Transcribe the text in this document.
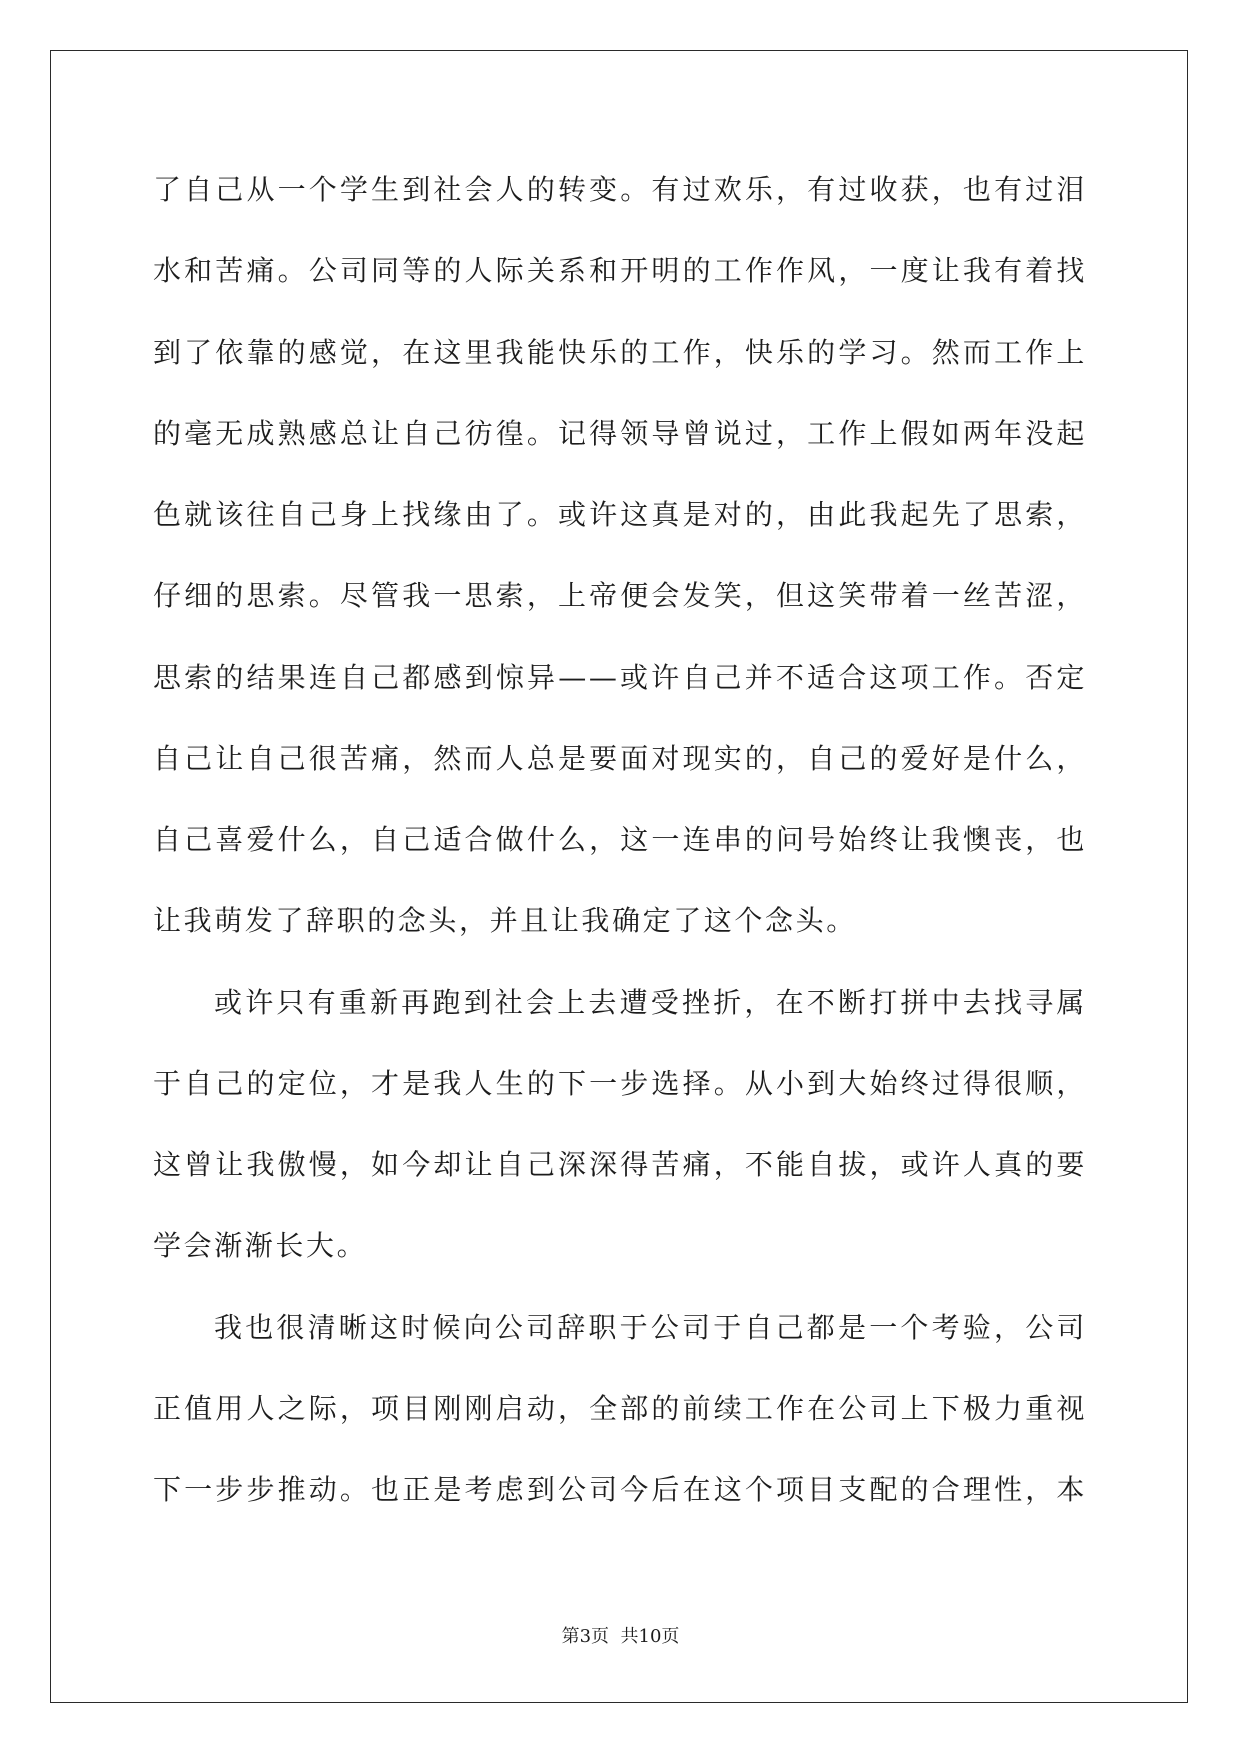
了自己从一个学生到社会人的转变。有过欢乐，有过收获，也有过泪
水和苦痛。公司同等的人际关系和开明的工作作风，一度让我有着找
到了依靠的感觉，在这里我能快乐的工作，快乐的学习。然而工作上
的毫无成熟感总让自己彷徨。记得领导曾说过，工作上假如两年没起
色就该往自己身上找缘由了。或许这真是对的，由此我起先了思索，
仔细的思索。尽管我一思索，上帝便会发笑，但这笑带着一丝苦涩，
思索的结果连自己都感到惊异——或许自己并不适合这项工作。否定
自己让自己很苦痛，然而人总是要面对现实的，自己的爱好是什么，
自己喜爱什么，自己适合做什么，这一连串的问号始终让我懊丧，也
让我萌发了辞职的念头，并且让我确定了这个念头。
或许只有重新再跑到社会上去遭受挫折，在不断打拼中去找寻属
于自己的定位，才是我人生的下一步选择。从小到大始终过得很顺，
这曾让我傲慢，如今却让自己深深得苦痛，不能自拔，或许人真的要
学会渐渐长大。
我也很清晰这时候向公司辞职于公司于自己都是一个考验，公司
正值用人之际，项目刚刚启动，全部的前续工作在公司上下极力重视
下一步步推动。也正是考虑到公司今后在这个项目支配的合理性，本
第3页  共10页
